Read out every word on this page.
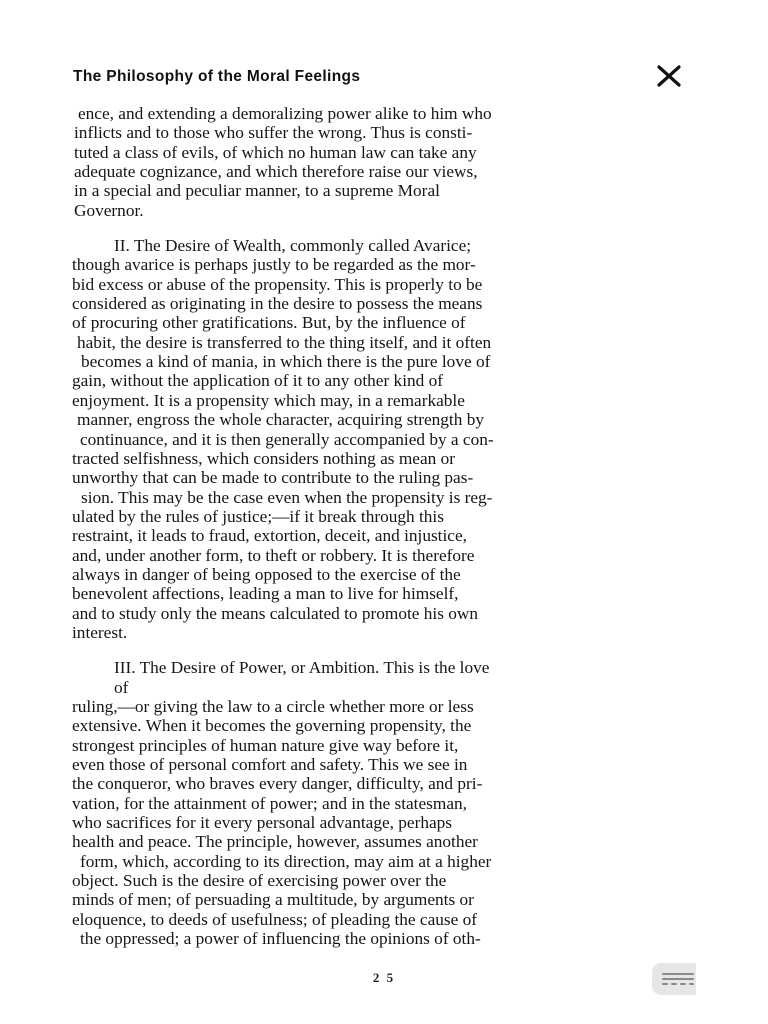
The Philosophy of the Moral Feelings
ence, and extending a demoralizing power alike to him who
inflicts and to those who suffer the wrong. Thus is consti-
tuted a class of evils, of which no human law can take any
adequate cognizance, and which therefore raise our views,
in a special and peculiar manner, to a supreme Moral
Governor.
II. The Desire of Wealth, commonly called Avarice;
though avarice is perhaps justly to be regarded as the mor-
bid excess or abuse of the propensity. This is properly to be
considered as originating in the desire to possess the means
of procuring other gratifications. But, by the influence of
habit, the desire is transferred to the thing itself, and it often
becomes a kind of mania, in which there is the pure love of
gain, without the application of it to any other kind of
enjoyment. It is a propensity which may, in a remarkable
manner, engross the whole character, acquiring strength by
continuance, and it is then generally accompanied by a con-
tracted selfishness, which considers nothing as mean or
unworthy that can be made to contribute to the ruling pas-
sion. This may be the case even when the propensity is reg-
ulated by the rules of justice;—if it break through this
restraint, it leads to fraud, extortion, deceit, and injustice,
and, under another form, to theft or robbery. It is therefore
always in danger of being opposed to the exercise of the
benevolent affections, leading a man to live for himself,
and to study only the means calculated to promote his own
interest.
III. The Desire of Power, or Ambition. This is the love
of
ruling,—or giving the law to a circle whether more or less
extensive. When it becomes the governing propensity, the
strongest principles of human nature give way before it,
even those of personal comfort and safety. This we see in
the conqueror, who braves every danger, difficulty, and pri-
vation, for the attainment of power; and in the statesman,
who sacrifices for it every personal advantage, perhaps
health and peace. The principle, however, assumes another
form, which, according to its direction, may aim at a higher
object. Such is the desire of exercising power over the
minds of men; of persuading a multitude, by arguments or
eloquence, to deeds of usefulness; of pleading the cause of
the oppressed; a power of influencing the opinions of oth-
2 5
